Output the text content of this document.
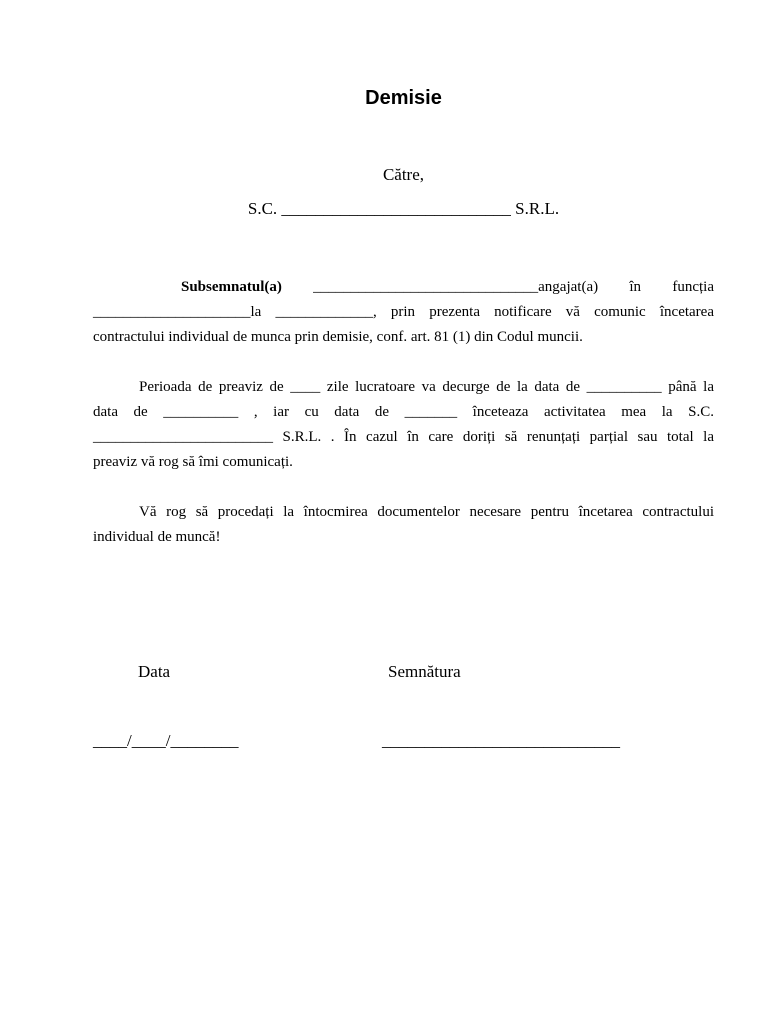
Demisie
Către,
S.C. ___________________________ S.R.L.
Subsemnatul(a) ______________________________angajat(a) în funcția
_____________________la _____________, prin prezenta notificare vă comunic încetarea
contractului individual de munca prin demisie, conf. art. 81 (1) din Codul muncii.
Perioada de preaviz de ____ zile lucratoare va decurge de la data de __________ până la
data de __________ , iar cu data de _______ înceteaza activitatea mea la S.C.
________________________ S.R.L. . În cazul în care doriți să renunțați parțial sau total la
preaviz vă rog să îmi comunicați.
Vă rog să procedați la întocmirea documentelor necesare pentru încetarea contractului
individual de muncă!
Data	Semnătura
____/____/________	____________________________
